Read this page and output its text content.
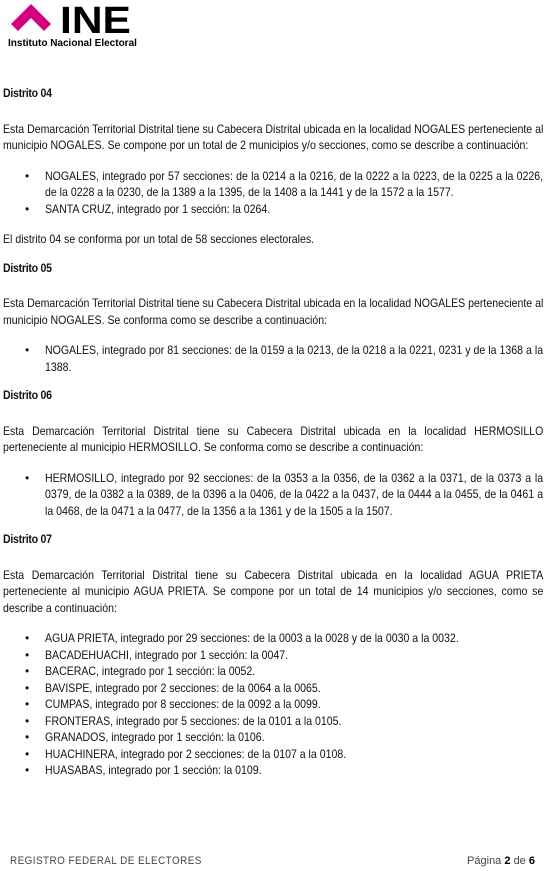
INE
Instituto Nacional Electoral

Distrito 04

Esta Demarcación Territorial Distrital tiene su Cabecera Distrital ubicada en la localidad NOGALES perteneciente al municipio NOGALES. Se compone por un total de 2 municipios y/o secciones, como se describe a continuación:

• NOGALES, integrado por 57 secciones: de la 0214 a la 0216, de la 0222 a la 0223, de la 0225 a la 0226, de la 0228 a la 0230, de la 1389 a la 1395, de la 1408 a la 1441 y de la 1572 a la 1577.
• SANTA CRUZ, integrado por 1 sección: la 0264.

El distrito 04 se conforma por un total de 58 secciones electorales.

Distrito 05

Esta Demarcación Territorial Distrital tiene su Cabecera Distrital ubicada en la localidad NOGALES perteneciente al municipio NOGALES. Se conforma como se describe a continuación:

• NOGALES, integrado por 81 secciones: de la 0159 a la 0213, de la 0218 a la 0221, 0231 y de la 1368 a la 1388.

Distrito 06

Esta Demarcación Territorial Distrital tiene su Cabecera Distrital ubicada en la localidad HERMOSILLO perteneciente al municipio HERMOSILLO. Se conforma como se describe a continuación:

• HERMOSILLO, integrado por 92 secciones: de la 0353 a la 0356, de la 0362 a la 0371, de la 0373 a la 0379, de la 0382 a la 0389, de la 0396 a la 0406, de la 0422 a la 0437, de la 0444 a la 0455, de la 0461 a la 0468, de la 0471 a la 0477, de la 1356 a la 1361 y de la 1505 a la 1507.

Distrito 07

Esta Demarcación Territorial Distrital tiene su Cabecera Distrital ubicada en la localidad AGUA PRIETA perteneciente al municipio AGUA PRIETA. Se compone por un total de 14 municipios y/o secciones, como se describe a continuación:

• AGUA PRIETA, integrado por 29 secciones: de la 0003 a la 0028 y de la 0030 a la 0032.
• BACADEHUACHI, integrado por 1 sección: la 0047.
• BACERAC, integrado por 1 sección: la 0052.
• BAVISPE, integrado por 2 secciones: de la 0064 a la 0065.
• CUMPAS, integrado por 8 secciones: de la 0092 a la 0099.
• FRONTERAS, integrado por 5 secciones: de la 0101 a la 0105.
• GRANADOS, integrado por 1 sección: la 0106.
• HUACHINERA, integrado por 2 secciones: de la 0107 a la 0108.
• HUASABAS, integrado por 1 sección: la 0109.
REGISTRO FEDERAL DE ELECTORES	Página 2 de 6
